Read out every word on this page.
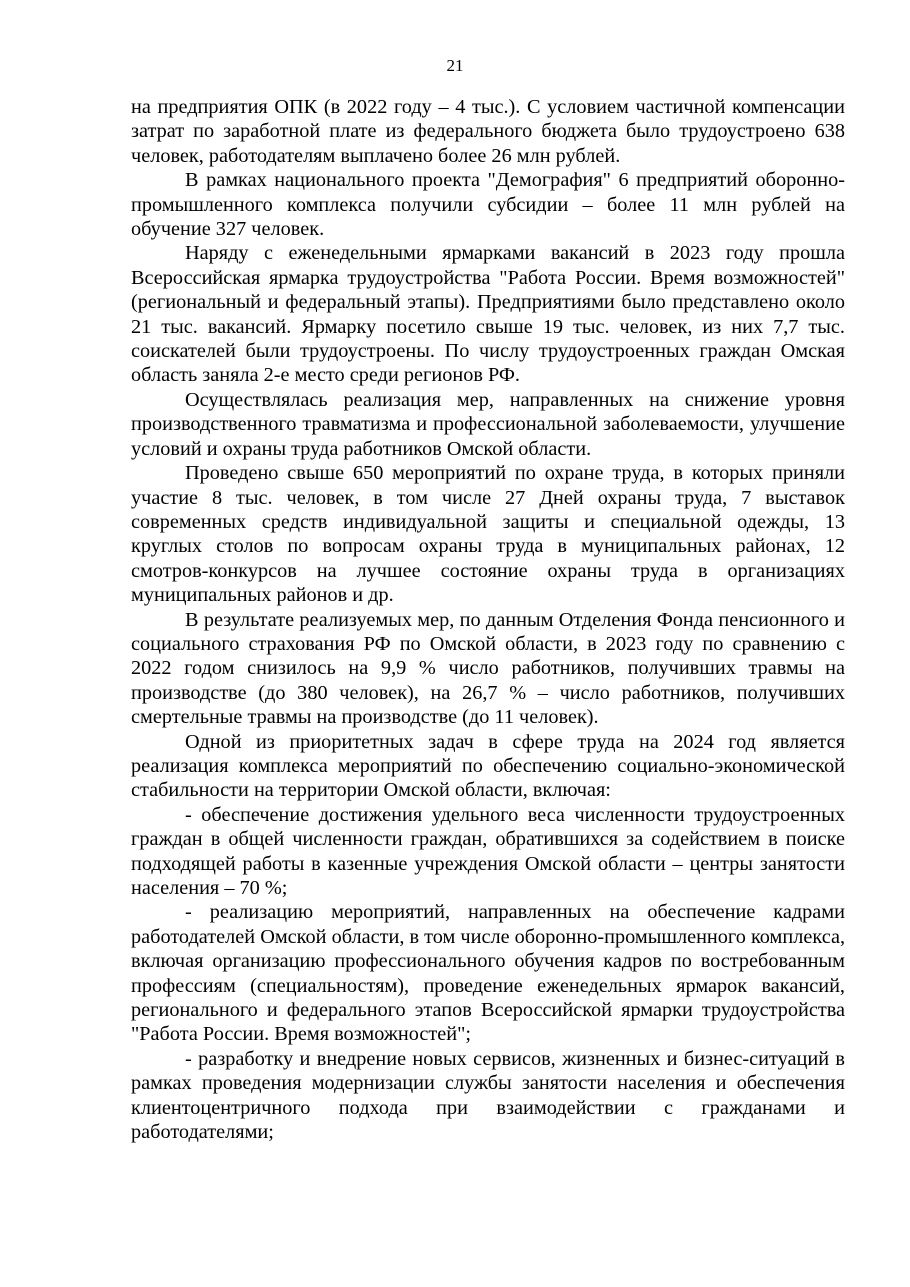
21

на предприятия ОПК (в 2022 году – 4 тыс.). С условием частичной компенсации затрат по заработной плате из федерального бюджета было трудоустроено 638 человек, работодателям выплачено более 26 млн рублей.

В рамках национального проекта "Демография" 6 предприятий оборонно-промышленного комплекса получили субсидии – более 11 млн рублей на обучение 327 человек.

Наряду с еженедельными ярмарками вакансий в 2023 году прошла Всероссийская ярмарка трудоустройства "Работа России. Время возможностей" (региональный и федеральный этапы). Предприятиями было представлено около 21 тыс. вакансий. Ярмарку посетило свыше 19 тыс. человек, из них 7,7 тыс. соискателей были трудоустроены. По числу трудоустроенных граждан Омская область заняла 2-е место среди регионов РФ.

Осуществлялась реализация мер, направленных на снижение уровня производственного травматизма и профессиональной заболеваемости, улучшение условий и охраны труда работников Омской области.

Проведено свыше 650 мероприятий по охране труда, в которых приняли участие 8 тыс. человек, в том числе 27 Дней охраны труда, 7 выставок современных средств индивидуальной защиты и специальной одежды, 13 круглых столов по вопросам охраны труда в муниципальных районах, 12 смотров-конкурсов на лучшее состояние охраны труда в организациях муниципальных районов и др.

В результате реализуемых мер, по данным Отделения Фонда пенсионного и социального страхования РФ по Омской области, в 2023 году по сравнению с 2022 годом снизилось на 9,9 % число работников, получивших травмы на производстве (до 380 человек), на 26,7 % – число работников, получивших смертельные травмы на производстве (до 11 человек).

Одной из приоритетных задач в сфере труда на 2024 год является реализация комплекса мероприятий по обеспечению социально-экономической стабильности на территории Омской области, включая:

- обеспечение достижения удельного веса численности трудоустроенных граждан в общей численности граждан, обратившихся за содействием в поиске подходящей работы в казенные учреждения Омской области – центры занятости населения – 70 %;

- реализацию мероприятий, направленных на обеспечение кадрами работодателей Омской области, в том числе оборонно-промышленного комплекса, включая организацию профессионального обучения кадров по востребованным профессиям (специальностям), проведение еженедельных ярмарок вакансий, регионального и федерального этапов Всероссийской ярмарки трудоустройства "Работа России. Время возможностей";

- разработку и внедрение новых сервисов, жизненных и бизнес-ситуаций в рамках проведения модернизации службы занятости населения и обеспечения клиентоцентричного подхода при взаимодействии с гражданами и работодателями;
